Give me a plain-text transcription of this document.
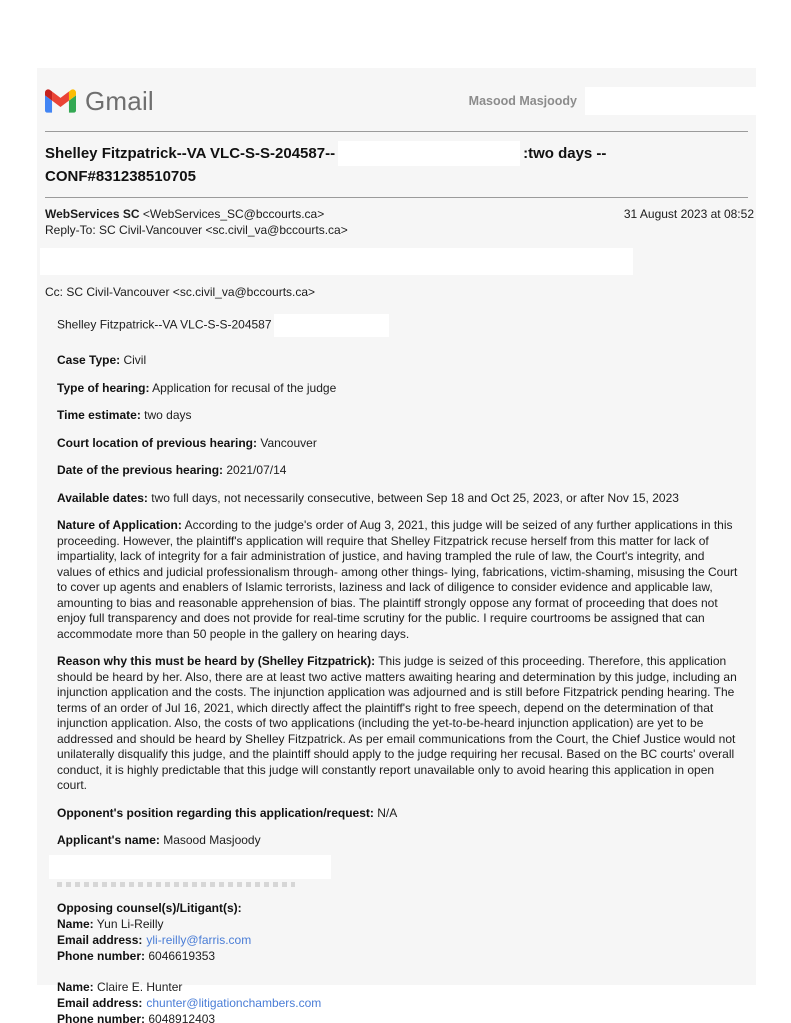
Gmail	Masood Masjoody
Shelley Fitzpatrick--VA VLC-S-S-204587--	:two days --
CONF#831238510705
WebServices SC <WebServices_SC@bccourts.ca>
Reply-To: SC Civil-Vancouver <sc.civil_va@bccourts.ca>
31 August 2023 at 08:52
Cc: SC Civil-Vancouver <sc.civil_va@bccourts.ca>
Shelley Fitzpatrick--VA VLC-S-S-204587

Case Type: Civil

Type of hearing: Application for recusal of the judge

Time estimate: two days

Court location of previous hearing: Vancouver

Date of the previous hearing: 2021/07/14

Available dates: two full days, not necessarily consecutive, between Sep 18 and Oct 25, 2023, or after Nov 15, 2023

Nature of Application: According to the judge's order of Aug 3, 2021, this judge will be seized of any further applications in this proceeding. However, the plaintiff's application will require that Shelley Fitzpatrick recuse herself from this matter for lack of impartiality, lack of integrity for a fair administration of justice, and having trampled the rule of law, the Court's integrity, and values of ethics and judicial professionalism through- among other things- lying, fabrications, victim-shaming, misusing the Court to cover up agents and enablers of Islamic terrorists, laziness and lack of diligence to consider evidence and applicable law, amounting to bias and reasonable apprehension of bias. The plaintiff strongly oppose any format of proceeding that does not enjoy full transparency and does not provide for real-time scrutiny for the public. I require courtrooms be assigned that can accommodate more than 50 people in the gallery on hearing days.

Reason why this must be heard by (Shelley Fitzpatrick): This judge is seized of this proceeding. Therefore, this application should be heard by her. Also, there are at least two active matters awaiting hearing and determination by this judge, including an injunction application and the costs. The injunction application was adjourned and is still before Fitzpatrick pending hearing. The terms of an order of Jul 16, 2021, which directly affect the plaintiff's right to free speech, depend on the determination of that injunction application. Also, the costs of two applications (including the yet-to-be-heard injunction application) are yet to be addressed and should be heard by Shelley Fitzpatrick. As per email communications from the Court, the Chief Justice would not unilaterally disqualify this judge, and the plaintiff should apply to the judge requiring her recusal. Based on the BC courts' overall conduct, it is highly predictable that this judge will constantly report unavailable only to avoid hearing this application in open court.

Opponent's position regarding this application/request: N/A

Applicant's name: Masood Masjoody

Opposing counsel(s)/Litigant(s):
Name: Yun Li-Reilly
Email address: yli-reilly@farris.com
Phone number: 6046619353
Name: Claire E. Hunter
Email address: chunter@litigationchambers.com
Phone number: 6048912403
